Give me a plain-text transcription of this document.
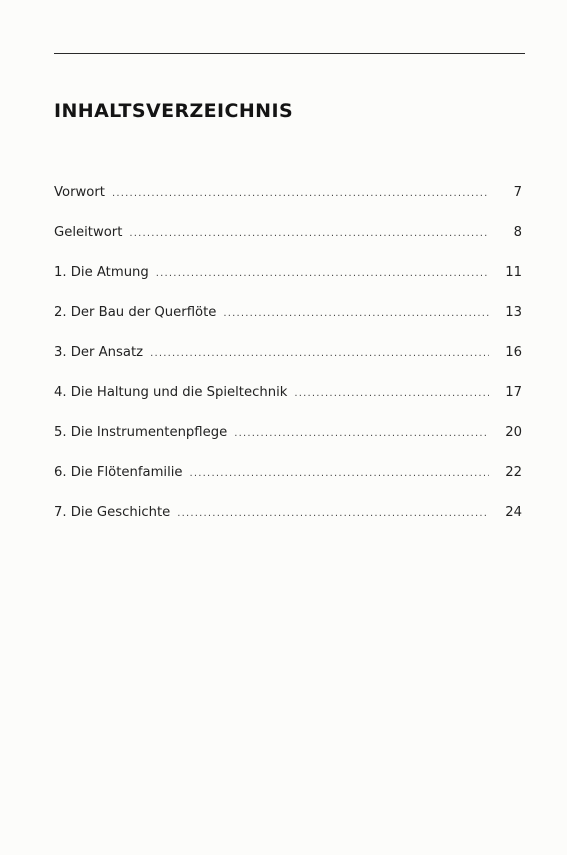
INHALTSVERZEICHNIS
Vorwort .....	7
Geleitwort .....	8
1. Die Atmung .....	11
2. Der Bau der Querflöte .....	13
3. Der Ansatz .....	16
4. Die Haltung und die Spieltechnik .....	17
5. Die Instrumentenpflege .....	20
6. Die Flötenfamilie .....	22
7. Die Geschichte .....	24
